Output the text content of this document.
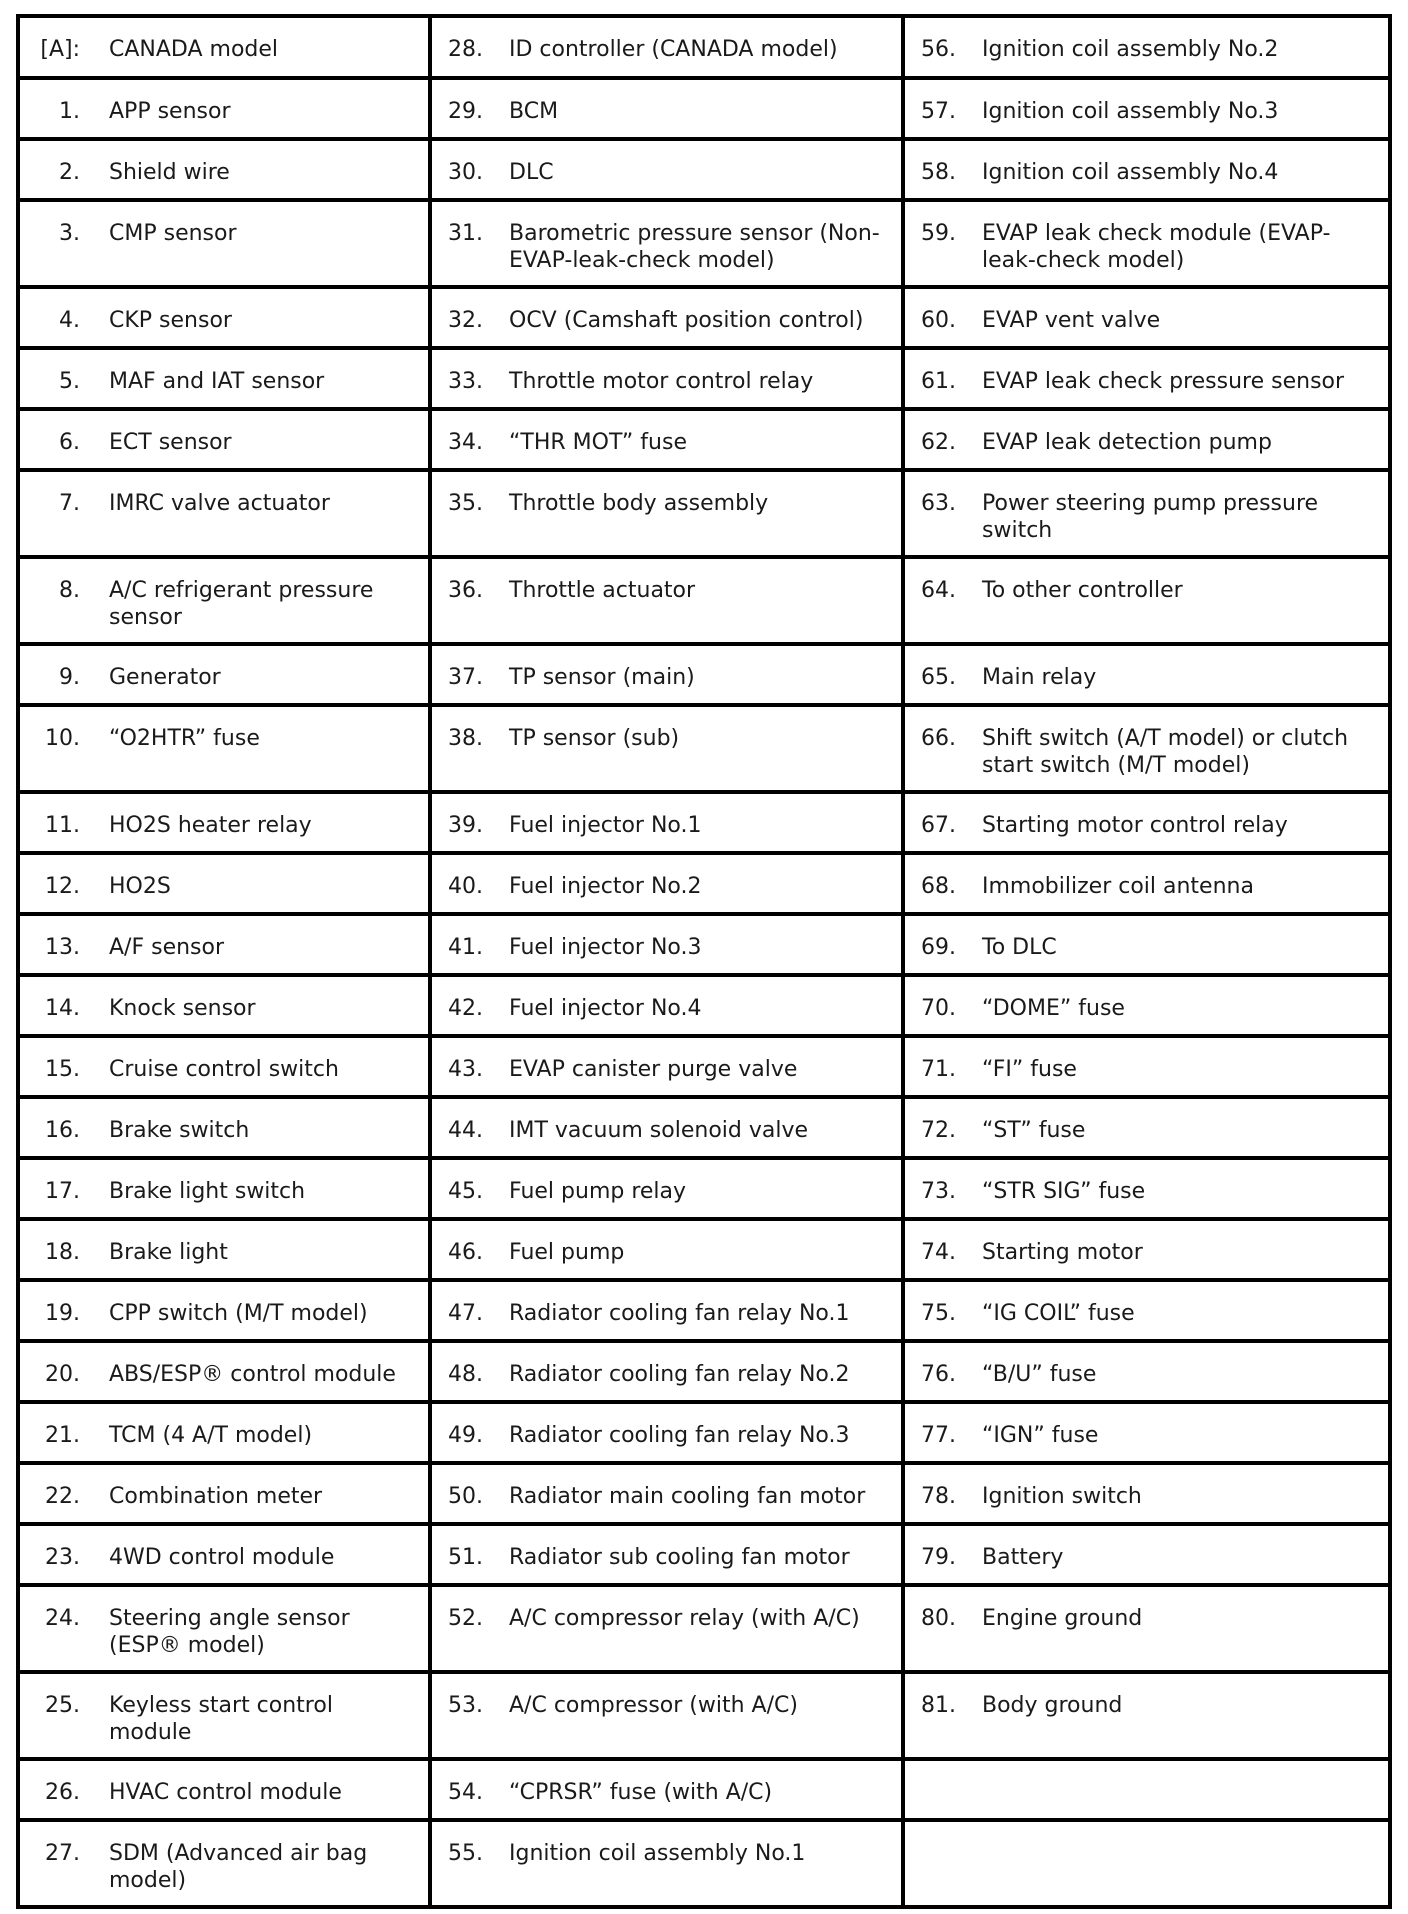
[A]: CANADA model	28. ID controller (CANADA model)	56. Ignition coil assembly No.2

1. APP sensor	29. BCM	57. Ignition coil assembly No.3

2. Shield wire	30. DLC	58. Ignition coil assembly No.4

3. CMP sensor	31. Barometric pressure sensor (Non-EVAP-leak-check model)	59. EVAP leak check module (EVAP-leak-check model)

4. CKP sensor	32. OCV (Camshaft position control)	60. EVAP vent valve

5. MAF and IAT sensor	33. Throttle motor control relay	61. EVAP leak check pressure sensor

6. ECT sensor	34. “THR MOT” fuse	62. EVAP leak detection pump

7. IMRC valve actuator	35. Throttle body assembly	63. Power steering pump pressure switch

8. A/C refrigerant pressure sensor	36. Throttle actuator	64. To other controller

9. Generator	37. TP sensor (main)	65. Main relay

10. “O2HTR” fuse	38. TP sensor (sub)	66. Shift switch (A/T model) or clutch start switch (M/T model)

11. HO2S heater relay	39. Fuel injector No.1	67. Starting motor control relay

12. HO2S	40. Fuel injector No.2	68. Immobilizer coil antenna

13. A/F sensor	41. Fuel injector No.3	69. To DLC

14. Knock sensor	42. Fuel injector No.4	70. “DOME” fuse

15. Cruise control switch	43. EVAP canister purge valve	71. “FI” fuse

16. Brake switch	44. IMT vacuum solenoid valve	72. “ST” fuse

17. Brake light switch	45. Fuel pump relay	73. “STR SIG” fuse

18. Brake light	46. Fuel pump	74. Starting motor

19. CPP switch (M/T model)	47. Radiator cooling fan relay No.1	75. “IG COIL” fuse

20. ABS/ESP® control module	48. Radiator cooling fan relay No.2	76. “B/U” fuse

21. TCM (4 A/T model)	49. Radiator cooling fan relay No.3	77. “IGN” fuse

22. Combination meter	50. Radiator main cooling fan motor	78. Ignition switch

23. 4WD control module	51. Radiator sub cooling fan motor	79. Battery

24. Steering angle sensor (ESP® model)	52. A/C compressor relay (with A/C)	80. Engine ground

25. Keyless start control module	53. A/C compressor (with A/C)	81. Body ground

26. HVAC control module	54. “CPRSR” fuse (with A/C)	

27. SDM (Advanced air bag model)	55. Ignition coil assembly No.1	
